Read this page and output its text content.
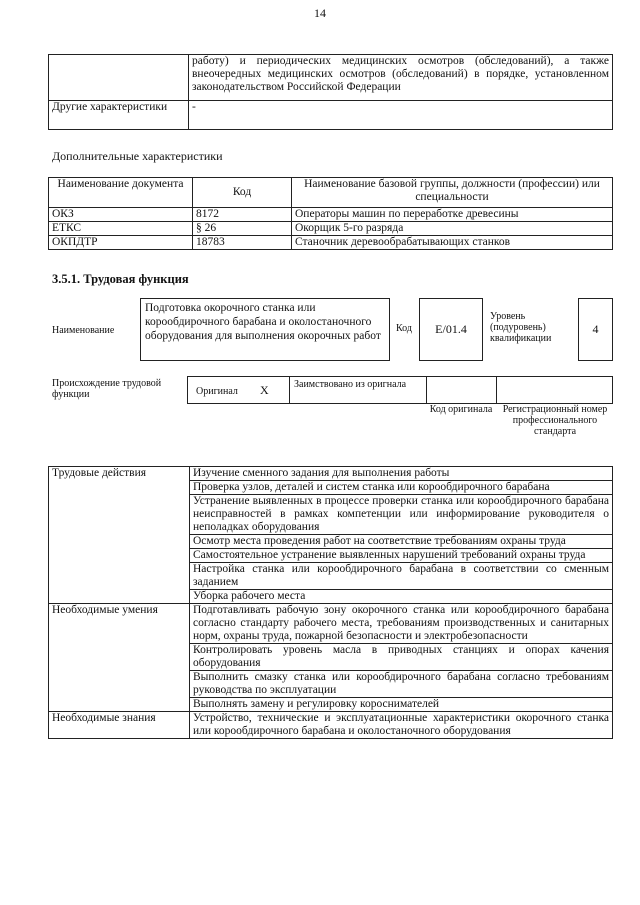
14
	работу) и периодических медицинских осмотров (обследований), а также внеочередных медицинских осмотров (обследований) в порядке, установленном законодательством Российской Федерации
Другие характеристики	-
Дополнительные характеристики
Наименование документа	Код	Наименование базовой группы, должности (профессии) или специальности
ОКЗ	8172	Операторы машин по переработке древесины
ЕТКС	§ 26	Окорщик 5-го разряда
ОКПДТР	18783	Станочник деревообрабатывающих станков
3.5.1. Трудовая функция
Наименование
Подготовка окорочного станка или корообдирочного барабана и околостаночного оборудования для выполнения окорочных работ
Код	E/01.4
Уровень (подуровень) квалификации
4
Происхождение трудовой функции	Оригинал X	Заимствовано из оригнала
Код оригинала	Регистрационный номер профессионального стандарта
Трудовые действия	Изучение сменного задания для выполнения работы
	Проверка узлов, деталей и систем станка или корообдирочного барабана
	Устранение выявленных в процессе проверки станка или корообдирочного барабана неисправностей в рамках компетенции или информирование руководителя о неполадках оборудования
	Осмотр места проведения работ на соответствие требованиям охраны труда
	Самостоятельное устранение выявленных нарушений требований охраны труда
	Настройка станка или корообдирочного барабана в соответствии со сменным заданием
	Уборка рабочего места
Необходимые умения	Подготавливать рабочую зону окорочного станка или корообдирочного барабана согласно стандарту рабочего места, требованиям производственных и санитарных норм, охраны труда, пожарной безопасности и электробезопасности
	Контролировать уровень масла в приводных станциях и опорах качения оборудования
	Выполнить смазку станка или корообдирочного барабана согласно требованиям руководства по эксплуатации
	Выполнять замену и регулировку короснимателей
Необходимые знания	Устройство, технические и эксплуатационные характеристики окорочного станка или корообдирочного барабана и околостаночного оборудования
